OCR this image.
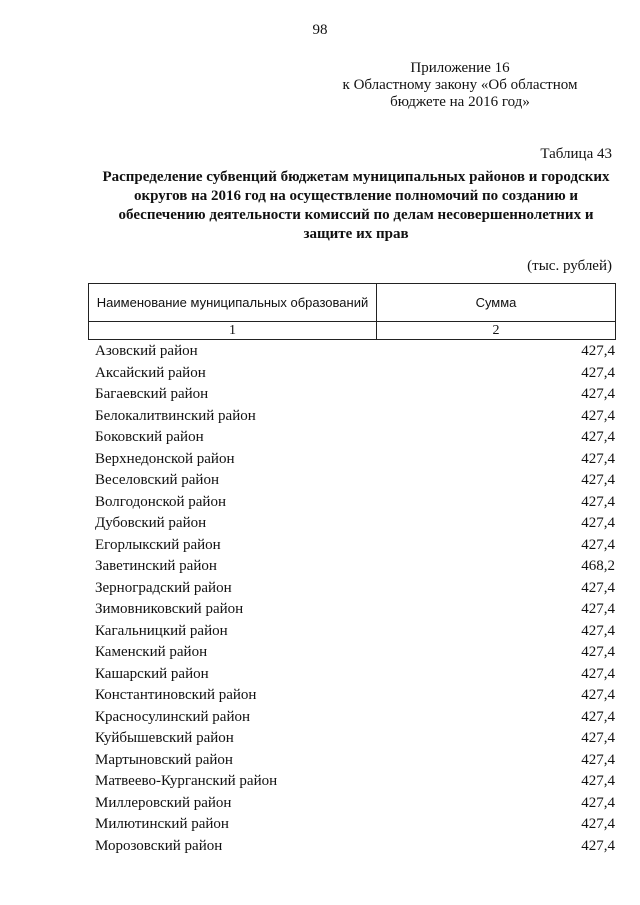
98
Приложение 16
к Областному закону «Об областном
бюджете на 2016 год»
Таблица 43
Распределение субвенций бюджетам муниципальных районов и городских округов на 2016 год на осуществление полномочий по созданию и обеспечению деятельности комиссий по делам несовершеннолетних и защите их прав
(тыс. рублей)
Наименование муниципальных образований	Сумма
1	2
Азовский район	427,4
Аксайский район	427,4
Багаевский район	427,4
Белокалитвинский район	427,4
Боковский район	427,4
Верхнедонской район	427,4
Веселовский район	427,4
Волгодонской район	427,4
Дубовский район	427,4
Егорлыкский район	427,4
Заветинский район	468,2
Зерноградский район	427,4
Зимовниковский район	427,4
Кагальницкий район	427,4
Каменский район	427,4
Кашарский район	427,4
Константиновский район	427,4
Красносулинский район	427,4
Куйбышевский район	427,4
Мартыновский район	427,4
Матвеево-Курганский район	427,4
Миллеровский район	427,4
Милютинский район	427,4
Морозовский район	427,4
